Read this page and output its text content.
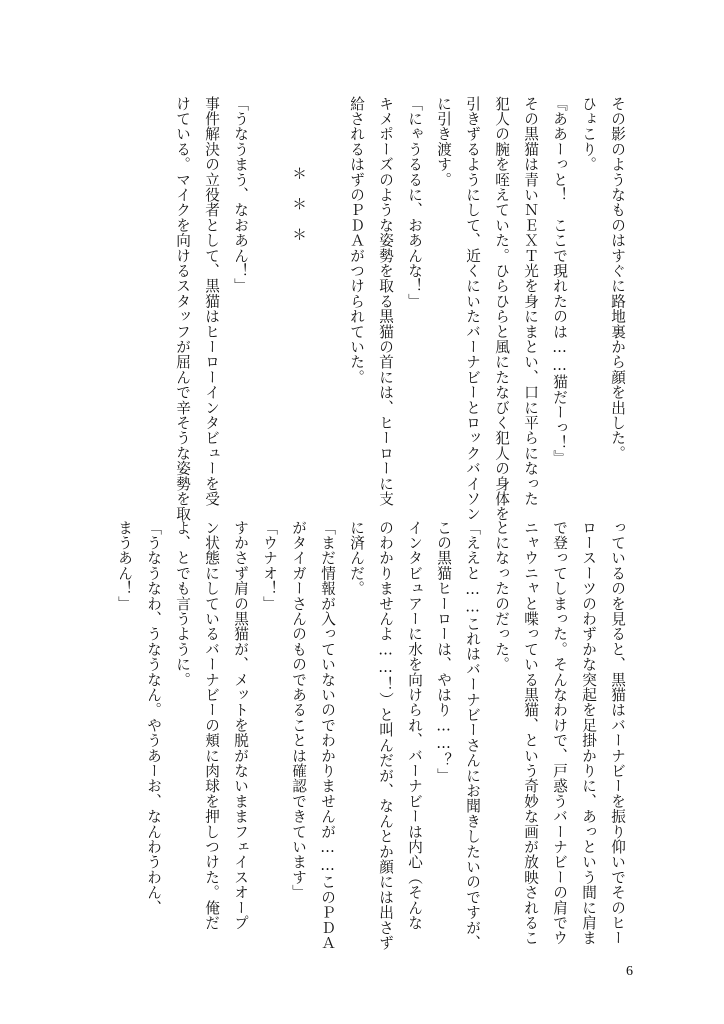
その影のようなものはすぐに路地裏から顔を出した。
ひょこり。
『ああーっと！　ここで現れたのは……猫だーっ！』
その黒猫は青いＮＥＸＴ光を身にまとい、口に平らになった
犯人の腕を咥えていた。ひらひらと風にたなびく犯人の身体を
引きずるようにして、近くにいたバーナビーとロックバイソン
に引き渡す。
「にゃうるるに、おあんな！」
キメポーズのような姿勢を取る黒猫の首には、ヒーローに支
給されるはずのＰＤＡがつけられていた。
＊　＊　＊
「うなうまう、なおあん！」
事件解決の立役者として、黒猫はヒーローインタビューを受
けている。マイクを向けるスタッフが屈んで辛そうな姿勢を取
っているのを見ると、黒猫はバーナビーを振り仰いでそのヒー
ロースーツのわずかな突起を足掛かりに、あっという間に肩ま
で登ってしまった。そんなわけで、戸惑うバーナビーの肩でウ
ニャウニャと喋っている黒猫、という奇妙な画が放映されるこ
とになったのだった。
「ええと……これはバーナビーさんにお聞きしたいのですが、
この黒猫ヒーローは、やはり……？」
インタビュアーに水を向けられ、バーナビーは内心（そんな
のわかりませんよ……！）と叫んだが、なんとか顔には出さず
に済んだ。
「まだ情報が入っていないのでわかりませんが……このＰＤＡ
がタイガーさんのものであることは確認できています」
「ウナオ！」
すかさず肩の黒猫が、メットを脱がないままフェイスオープ
ン状態にしているバーナビーの頬に肉球を押しつけた。俺だ
よ、とでも言うように。
「うなうなわ、うなうなん。やうあーお、なんわうわん、
まうあん！」
6
